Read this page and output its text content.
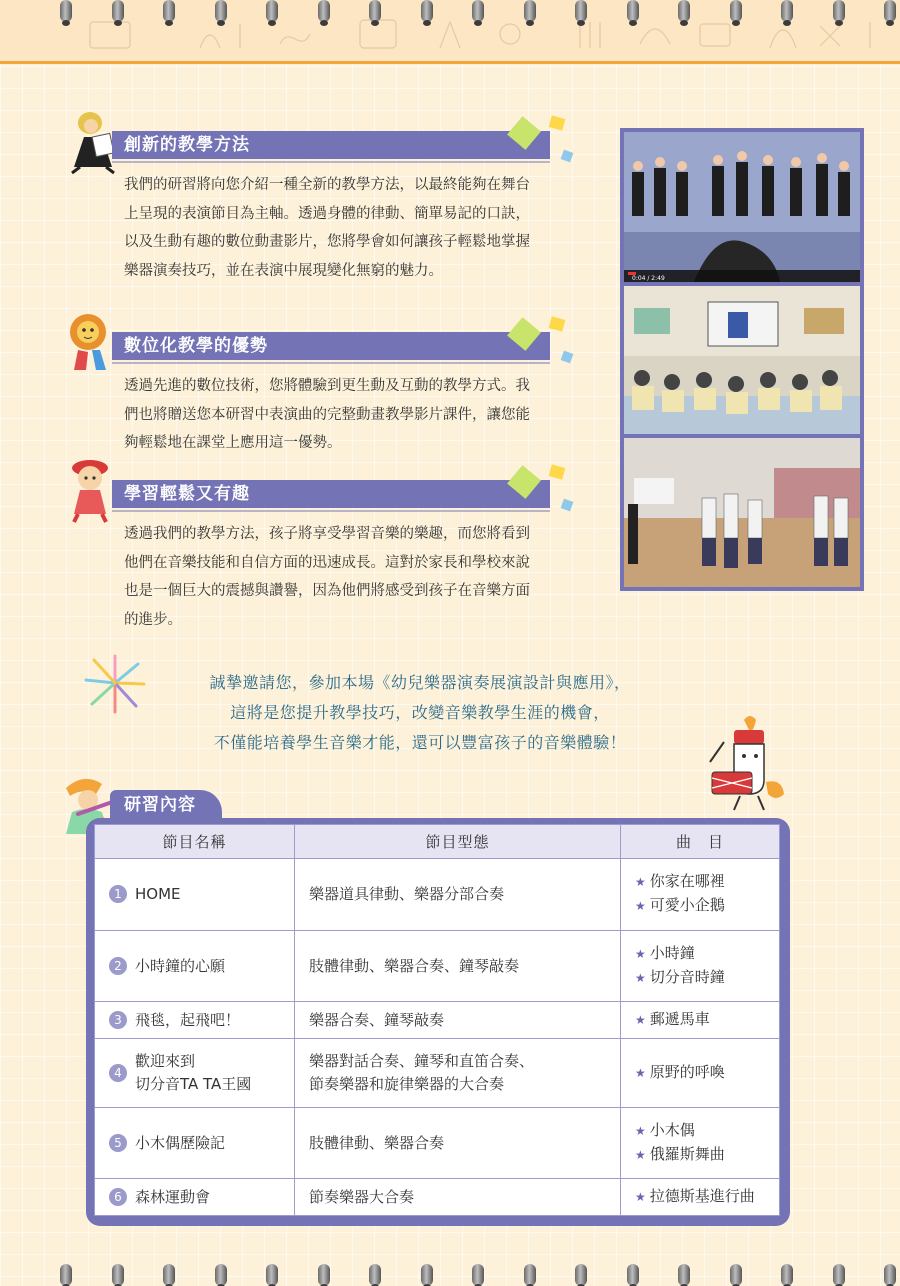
創新的教學方法
我們的研習將向您介紹一種全新的教學方法，以最終能夠在舞台上呈現的表演節目為主軸。透過身體的律動、簡單易記的口訣，以及生動有趣的數位動畫影片，您將學會如何讓孩子輕鬆地掌握樂器演奏技巧，並在表演中展現變化無窮的魅力。
數位化教學的優勢
透過先進的數位技術，您將體驗到更生動及互動的教學方式。我們也將贈送您本研習中表演曲的完整動畫教學影片課件，讓您能夠輕鬆地在課堂上應用這一優勢。
學習輕鬆又有趣
透過我們的教學方法，孩子將享受學習音樂的樂趣，而您將看到他們在音樂技能和自信方面的迅速成長。這對於家長和學校來說也是一個巨大的震撼與讚譽，因為他們將感受到孩子在音樂方面的進步。
0:04 / 2:49
誠摯邀請您，參加本場《幼兒樂器演奏展演設計與應用》，
這將是您提升教學技巧，改變音樂教學生涯的機會，
不僅能培養學生音樂才能，還可以豐富孩子的音樂體驗！
研習內容
節目名稱	節目型態	曲　目

1 HOME	樂器道具律動、樂器分部合奏	★ 你家在哪裡
★ 可愛小企鵝

2 小時鐘的心願	肢體律動、樂器合奏、鐘琴敲奏	★ 小時鐘
★ 切分音時鐘

3 飛毯，起飛吧！	樂器合奏、鐘琴敲奏	★ 郵遞馬車

4
歡迎來到
切分音TA TA王國	樂器對話合奏、鐘琴和直笛合奏、
節奏樂器和旋律樂器的大合奏	★ 原野的呼喚

5 小木偶歷險記	肢體律動、樂器合奏	★ 小木偶
★ 俄羅斯舞曲

6 森林運動會	節奏樂器大合奏	★ 拉德斯基進行曲
